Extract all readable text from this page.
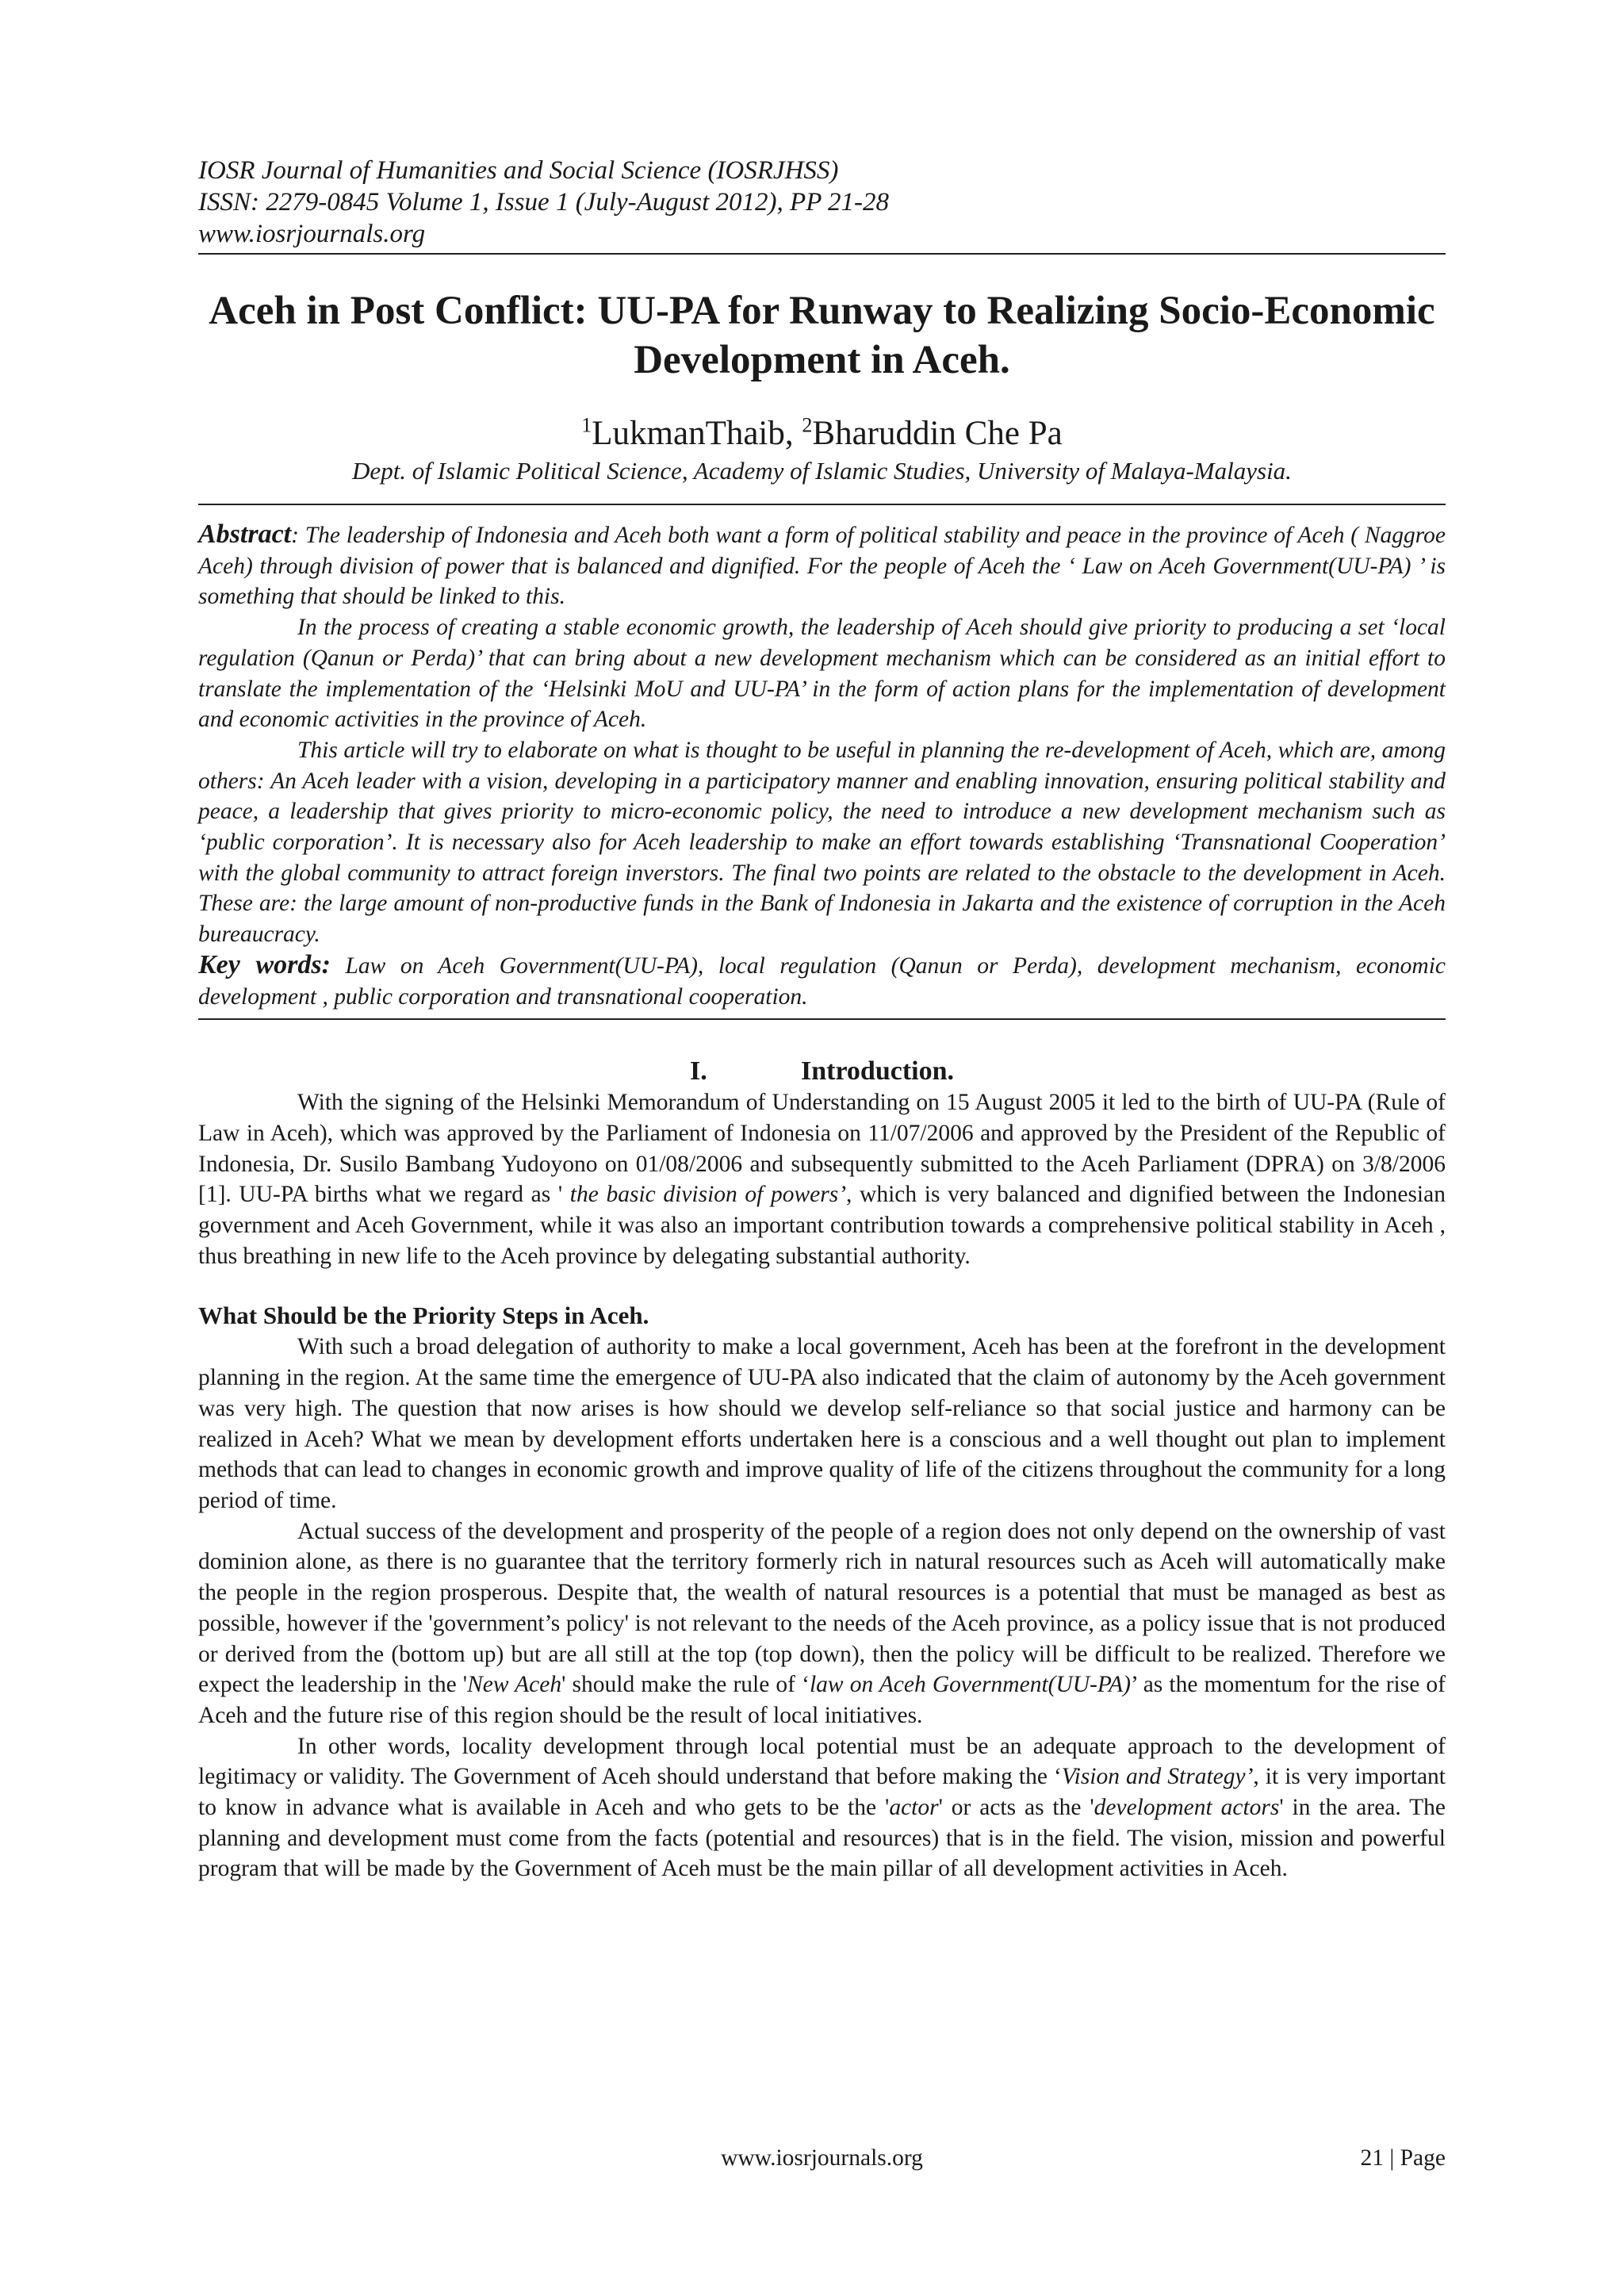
IOSR Journal of Humanities and Social Science (IOSRJHSS)
ISSN: 2279-0845 Volume 1, Issue 1 (July-August 2012), PP 21-28
www.iosrjournals.org
Aceh in Post Conflict: UU-PA for Runway to Realizing Socio-Economic Development in Aceh.
$^1$LukmanThaib, $^2$Bharuddin Che Pa
Dept. of Islamic Political Science, Academy of Islamic Studies, University of Malaya-Malaysia.

Abstract: The leadership of Indonesia and Aceh both want a form of political stability and peace in the province of Aceh ( Naggroe Aceh) through division of power that is balanced and dignified. For the people of Aceh the ‘ Law on Aceh Government(UU-PA) ’ is something that should be linked to this.

In the process of creating a stable economic growth, the leadership of Aceh should give priority to producing a set ‘local regulation (Qanun or Perda)’ that can bring about a new development mechanism which can be considered as an initial effort to translate the implementation of the ‘Helsinki MoU and UU-PA’ in the form of action plans for the implementation of development and economic activities in the province of Aceh.

This article will try to elaborate on what is thought to be useful in planning the re-development of Aceh, which are, among others: An Aceh leader with a vision, developing in a participatory manner and enabling innovation, ensuring political stability and peace, a leadership that gives priority to micro-economic policy, the need to introduce a new development mechanism such as ‘public corporation’. It is necessary also for Aceh leadership to make an effort towards establishing ‘Transnational Cooperation’ with the global community to attract foreign inverstors. The final two points are related to the obstacle to the development in Aceh. These are: the large amount of non-productive funds in the Bank of Indonesia in Jakarta and the existence of corruption in the Aceh bureaucracy.

Key words: Law on Aceh Government(UU-PA), local regulation (Qanun or Perda), development mechanism, economic development , public corporation and transnational cooperation.

I.	Introduction.

With the signing of the Helsinki Memorandum of Understanding on 15 August 2005 it led to the birth of UU-PA (Rule of Law in Aceh), which was approved by the Parliament of Indonesia on 11/07/2006 and approved by the President of the Republic of Indonesia, Dr. Susilo Bambang Yudoyono on 01/08/2006 and subsequently submitted to the Aceh Parliament (DPRA) on 3/8/2006 [1]. UU-PA births what we regard as ' the basic division of powers’, which is very balanced and dignified between the Indonesian government and Aceh Government, while it was also an important contribution towards a comprehensive political stability in Aceh , thus breathing in new life to the Aceh province by delegating substantial authority.

What Should be the Priority Steps in Aceh.

With such a broad delegation of authority to make a local government, Aceh has been at the forefront in the development planning in the region. At the same time the emergence of UU-PA also indicated that the claim of autonomy by the Aceh government was very high. The question that now arises is how should we develop self-reliance so that social justice and harmony can be realized in Aceh? What we mean by development efforts undertaken here is a conscious and a well thought out plan to implement methods that can lead to changes in economic growth and improve quality of life of the citizens throughout the community for a long period of time.

Actual success of the development and prosperity of the people of a region does not only depend on the ownership of vast dominion alone, as there is no guarantee that the territory formerly rich in natural resources such as Aceh will automatically make the people in the region prosperous. Despite that, the wealth of natural resources is a potential that must be managed as best as possible, however if the 'government’s policy' is not relevant to the needs of the Aceh province, as a policy issue that is not produced or derived from the (bottom up) but are all still at the top (top down), then the policy will be difficult to be realized. Therefore we expect the leadership in the 'New Aceh' should make the rule of ‘law on Aceh Government(UU-PA)’ as the momentum for the rise of Aceh and the future rise of this region should be the result of local initiatives.

In other words, locality development through local potential must be an adequate approach to the development of legitimacy or validity. The Government of Aceh should understand that before making the ‘Vision and Strategy’, it is very important to know in advance what is available in Aceh and who gets to be the 'actor' or acts as the 'development actors' in the area. The planning and development must come from the facts (potential and resources) that is in the field. The vision, mission and powerful program that will be made by the Government of Aceh must be the main pillar of all development activities in Aceh.

www.iosrjournals.org	21 | Page
